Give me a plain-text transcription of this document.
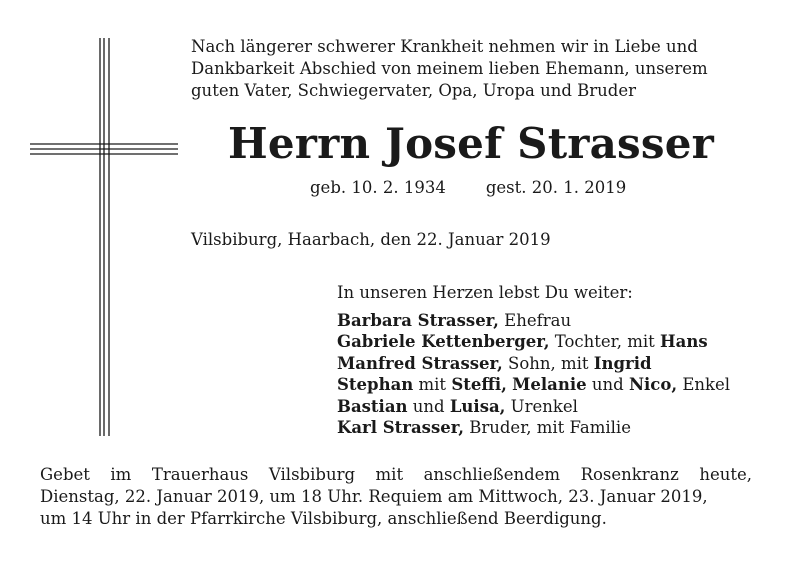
Nach längerer schwerer Krankheit nehmen wir in Liebe und
Dankbarkeit Abschied von meinem lieben Ehemann, unserem
guten Vater, Schwiegervater, Opa, Uropa und Bruder
Herrn Josef Strasser
geb. 10. 2. 1934 gest. 20. 1. 2019
Vilsbiburg, Haarbach, den 22. Januar 2019
In unseren Herzen lebst Du weiter:
Barbara Strasser, Ehefrau
Gabriele Kettenberger, Tochter, mit Hans
Manfred Strasser, Sohn, mit Ingrid
Stephan mit Steffi, Melanie und Nico, Enkel
Bastian und Luisa, Urenkel
Karl Strasser, Bruder, mit Familie
Gebet im Trauerhaus Vilsbiburg mit anschließendem Rosenkranz heute,
Dienstag, 22. Januar 2019, um 18 Uhr. Requiem am Mittwoch, 23. Januar 2019,
um 14 Uhr in der Pfarrkirche Vilsbiburg, anschließend Beerdigung.
